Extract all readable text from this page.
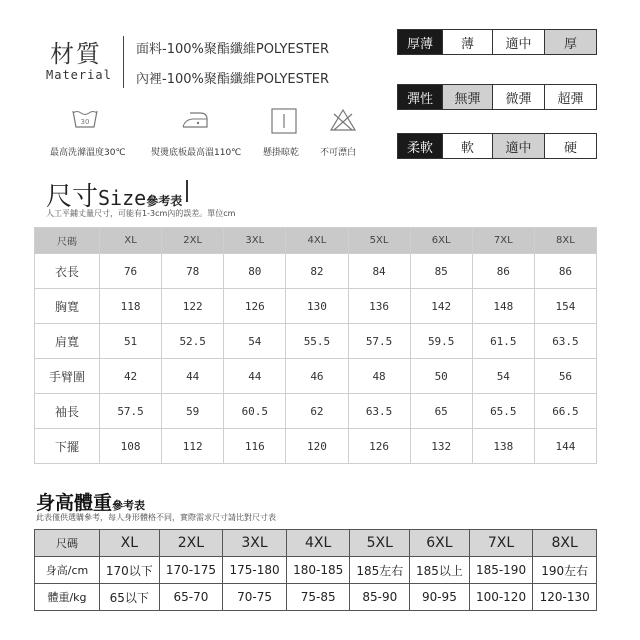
材質
Material
面料-100%聚酯纖維POLYESTER
內裡-100%聚酯纖維POLYESTER
30
最高洗滌溫度30℃	熨燙底板最高溫110℃ 懸掛晾乾 不可漂白
厚薄	薄	適中	厚
彈性	無彈	微彈	超彈
柔軟	軟	適中	硬
尺寸Size參考表
人工平鋪丈量尺寸，可能有1-3cm內的誤差。單位cm
尺碼	XL	2XL	3XL	4XL	5XL	6XL	7XL	8XL
衣長	76	78	80	82	84	85	86	86
胸寬	118	122	126	130	136	142	148	154
肩寬	51	52.5	54	55.5	57.5	59.5	61.5	63.5
手臂圍	42	44	44	46	48	50	54	56
袖長	57.5	59	60.5	62	63.5	65	65.5	66.5
下擺	108	112	116	120	126	132	138	144
身高體重參考表
此表僅供選購參考，每人身形體格不同，實際需求尺寸請比對尺寸表
尺碼	XL	2XL	3XL	4XL	5XL	6XL	7XL	8XL
身高/cm	170以下	170-175	175-180	180-185	185左右	185以上	185-190	190左右
體重/kg	65以下	65-70	70-75	75-85	85-90	90-95	100-120	120-130
